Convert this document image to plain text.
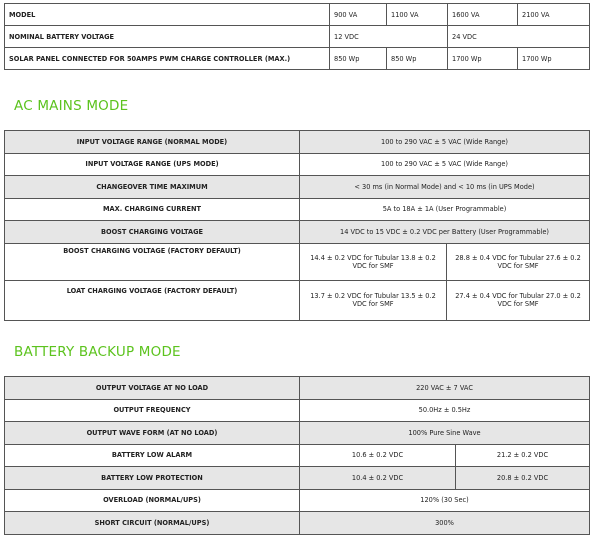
MODEL	900 VA	1100 VA	1600 VA	2100 VA
NOMINAL BATTERY VOLTAGE	12 VDC		24 VDC	
SOLAR PANEL CONNECTED FOR 50AMPS PWM CHARGE CONTROLLER (MAX.)	850 Wp	850 Wp	1700 Wp	1700 Wp
AC MAINS MODE
INPUT VOLTAGE RANGE (NORMAL MODE)	100 to 290 VAC ± 5 VAC (Wide Range)	
INPUT VOLTAGE RANGE (UPS MODE)	100 to 290 VAC ± 5 VAC (Wide Range)	
CHANGEOVER TIME MAXIMUM	< 30 ms (in Normal Mode) and < 10 ms (in UPS Mode)	
MAX. CHARGING CURRENT	5A to 18A ± 1A (User Programmable)	
BOOST CHARGING VOLTAGE	14 VDC to 15 VDC ± 0.2 VDC per Battery (User Programmable)	
BOOST CHARGING VOLTAGE (FACTORY DEFAULT)	14.4 ± 0.2 VDC for Tubular 13.8 ± 0.2 VDC for SMF	28.8 ± 0.4 VDC for Tubular 27.6 ± 0.2 VDC for SMF
LOAT CHARGING VOLTAGE (FACTORY DEFAULT)	13.7 ± 0.2 VDC for Tubular 13.5 ± 0.2 VDC for SMF	27.4 ± 0.4 VDC for Tubular 27.0 ± 0.2 VDC for SMF
BATTERY BACKUP MODE
OUTPUT VOLTAGE AT NO LOAD	220 VAC ± 7 VAC	
OUTPUT FREQUENCY	50.0Hz ± 0.5Hz	
OUTPUT WAVE FORM (AT NO LOAD)	100% Pure Sine Wave	
BATTERY LOW ALARM	10.6 ± 0.2 VDC	21.2 ± 0.2 VDC
BATTERY LOW PROTECTION	10.4 ± 0.2 VDC	20.8 ± 0.2 VDC
OVERLOAD (NORMAL/UPS)	120% (30 Sec)	
SHORT CIRCUIT (NORMAL/UPS)	300%	
